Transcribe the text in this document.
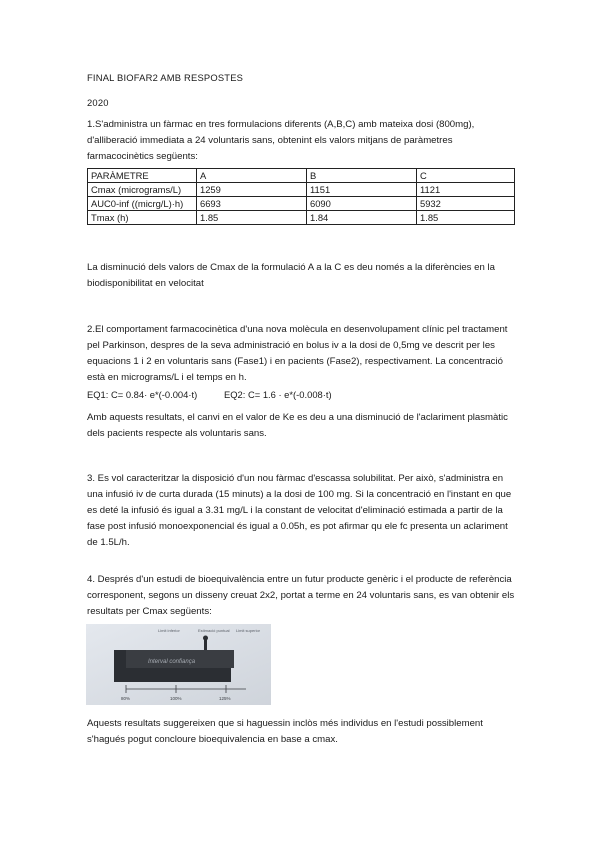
FINAL BIOFAR2 AMB RESPOSTES
2020
1.S'administra un fàrmac en tres formulacions diferents (A,B,C) amb mateixa dosi (800mg), d'alliberació immediata a 24 voluntaris sans, obtenint els valors mitjans de paràmetres farmacocinètics següents:
PARÀMETRE	A	B	C
Cmax (micrograms/L)	1259	1151	1121
AUC0-inf ((micrg/L)·h)	6693	6090	5932
Tmax (h)	1.85	1.84	1.85
La disminució dels valors de Cmax de la formulació A a la C es deu només a la diferències en la biodisponibilitat en velocitat
2.El comportament farmacocinètica d'una nova molècula en desenvolupament clínic pel tractament pel Parkinson, despres de la seva administració en bolus iv a la dosi de 0,5mg ve descrit per les equacions 1 i 2 en voluntaris sans (Fase1) i en pacients (Fase2), respectivament. La concentració està en micrograms/L i el temps en h.
EQ1: C= 0.84· e*(-0.004·t)	EQ2: C= 1.6 · e*(-0.008·t)
Amb aquests resultats, el canvi en el valor de Ke es deu a una disminució de l'aclariment plasmàtic dels pacients respecte als voluntaris sans.
3. Es vol caracteritzar la disposició d'un nou fàrmac d'escassa solubilitat. Per això, s'administra en una infusió iv de curta durada (15 minuts) a la dosi de 100 mg. Si la concentració en l'instant en que es deté la infusió és igual a 3.31 mg/L i la constant de velocitat d'eliminació estimada a partir de la fase post infusió monoexponencial és igual a 0.05h, es pot afirmar qu ele fc presenta un aclariment de 1.5L/h.
4. Després d'un estudi de bioequivalència entre un futur producte genèric i el producte de referència corresponent, segons un disseny creuat 2x2, portat a terme en 24 voluntaris sans, es van obtenir els resultats per Cmax següents:
Limit inferior	Estimació puntual Limit superior
Interval confiança
80%	100%	125%
Aquests resultats suggereixen que si haguessin inclòs més individus en l'estudi possiblement s'hagués pogut concloure bioequivalencia en base a cmax.
